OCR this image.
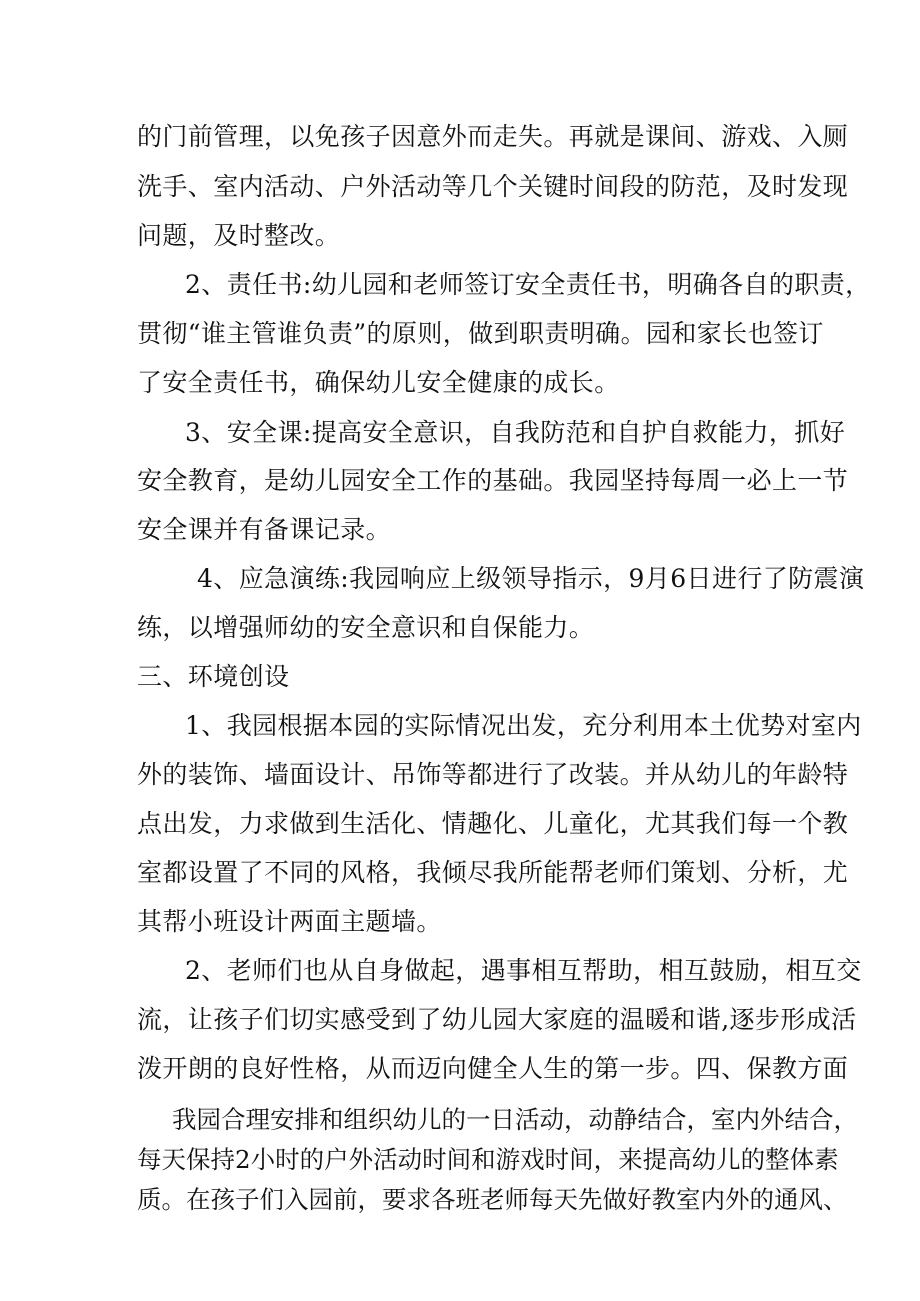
的门前管理，以免孩子因意外而走失。再就是课间、游戏、入厕
洗手、室内活动、户外活动等几个关键时间段的防范，及时发现
问题，及时整改。
2、责任书:幼儿园和老师签订安全责任书，明确各自的职责，
贯彻“谁主管谁负责”的原则，做到职责明确。园和家长也签订
了安全责任书，确保幼儿安全健康的成长。
3、安全课:提高安全意识，自我防范和自护自救能力，抓好
安全教育，是幼儿园安全工作的基础。我园坚持每周一必上一节
安全课并有备课记录。
4、应急演练:我园响应上级领导指示，9月6日进行了防震演
练，以增强师幼的安全意识和自保能力。
三、环境创设
1、我园根据本园的实际情况出发，充分利用本土优势对室内
外的装饰、墙面设计、吊饰等都进行了改装。并从幼儿的年龄特
点出发，力求做到生活化、情趣化、儿童化，尤其我们每一个教
室都设置了不同的风格，我倾尽我所能帮老师们策划、分析，尤
其帮小班设计两面主题墙。
2、老师们也从自身做起，遇事相互帮助，相互鼓励，相互交
流，让孩子们切实感受到了幼儿园大家庭的温暖和谐,逐步形成活
泼开朗的良好性格，从而迈向健全人生的第一步。四、保教方面
我园合理安排和组织幼儿的一日活动，动静结合，室内外结合，
每天保持2小时的户外活动时间和游戏时间，来提高幼儿的整体素
质。在孩子们入园前，要求各班老师每天先做好教室内外的通风、
